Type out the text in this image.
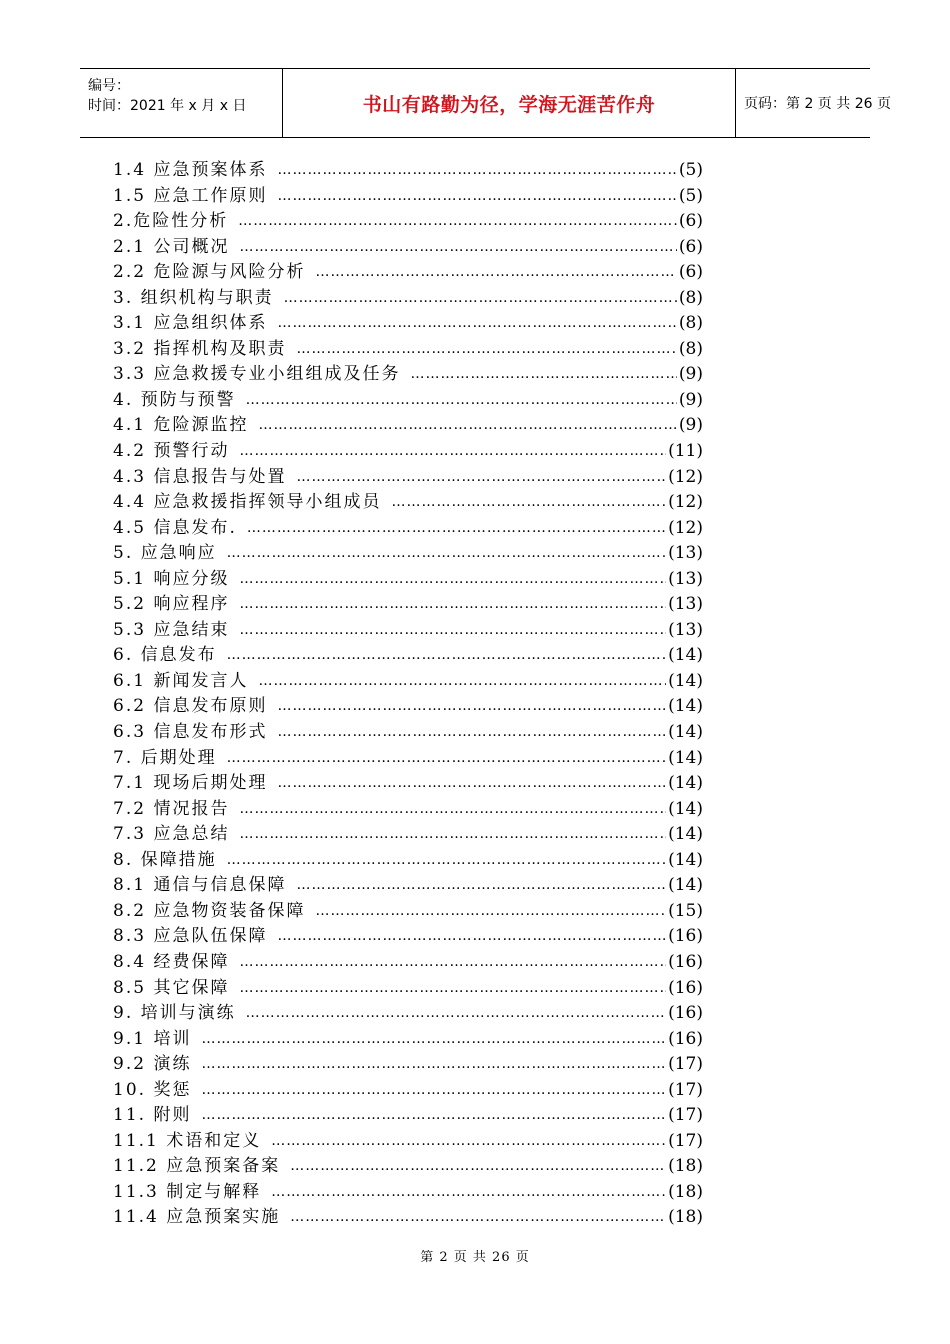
编号：
时间：2021 年 x 月 x 日	书山有路勤为径，学海无涯苦作舟	页码：第 2 页 共 26 页
1.4 应急预案体系 ……………………………………………………………………………………………………………………………………	(5)
1.5 应急工作原则 ……………………………………………………………………………………………………………………………………	(5)
2.危险性分析 ……………………………………………………………………………………………………………………………………	(6)
2.1 公司概况 ……………………………………………………………………………………………………………………………………	(6)
2.2 危险源与风险分析 ……………………………………………………………………………………………………………………………………	(6)
3. 组织机构与职责 ……………………………………………………………………………………………………………………………………	(8)
3.1 应急组织体系 ……………………………………………………………………………………………………………………………………	(8)
3.2 指挥机构及职责 ……………………………………………………………………………………………………………………………………	(8)
3.3 应急救援专业小组组成及任务 ……………………………………………………………………………………………………………………………………	(9)
4. 预防与预警 ……………………………………………………………………………………………………………………………………	(9)
4.1 危险源监控 ……………………………………………………………………………………………………………………………………	(9)
4.2 预警行动 ……………………………………………………………………………………………………………………………………	(11)
4.3 信息报告与处置 ……………………………………………………………………………………………………………………………………	(12)
4.4 应急救援指挥领导小组成员 ……………………………………………………………………………………………………………………………………	(12)
4.5 信息发布. ……………………………………………………………………………………………………………………………………	(12)
5. 应急响应 ……………………………………………………………………………………………………………………………………	(13)
5.1 响应分级 ……………………………………………………………………………………………………………………………………	(13)
5.2 响应程序 ……………………………………………………………………………………………………………………………………	(13)
5.3 应急结束 ……………………………………………………………………………………………………………………………………	(13)
6. 信息发布 ……………………………………………………………………………………………………………………………………	(14)
6.1 新闻发言人 ……………………………………………………………………………………………………………………………………	(14)
6.2 信息发布原则 ……………………………………………………………………………………………………………………………………	(14)
6.3 信息发布形式 ……………………………………………………………………………………………………………………………………	(14)
7. 后期处理 ……………………………………………………………………………………………………………………………………	(14)
7.1 现场后期处理 ……………………………………………………………………………………………………………………………………	(14)
7.2 情况报告 ……………………………………………………………………………………………………………………………………	(14)
7.3 应急总结 ……………………………………………………………………………………………………………………………………	(14)
8. 保障措施 ……………………………………………………………………………………………………………………………………	(14)
8.1 通信与信息保障 ……………………………………………………………………………………………………………………………………	(14)
8.2 应急物资装备保障 ……………………………………………………………………………………………………………………………………	(15)
8.3 应急队伍保障 ……………………………………………………………………………………………………………………………………	(16)
8.4 经费保障 ……………………………………………………………………………………………………………………………………	(16)
8.5 其它保障 ……………………………………………………………………………………………………………………………………	(16)
9. 培训与演练 ……………………………………………………………………………………………………………………………………	(16)
9.1 培训 ……………………………………………………………………………………………………………………………………	(16)
9.2 演练 ……………………………………………………………………………………………………………………………………	(17)
10. 奖惩 ……………………………………………………………………………………………………………………………………	(17)
11. 附则 ……………………………………………………………………………………………………………………………………	(17)
11.1 术语和定义 ……………………………………………………………………………………………………………………………………	(17)
11.2 应急预案备案 ……………………………………………………………………………………………………………………………………	(18)
11.3 制定与解释 ……………………………………………………………………………………………………………………………………	(18)
11.4 应急预案实施 ……………………………………………………………………………………………………………………………………	(18)
第 2 页 共 26 页
